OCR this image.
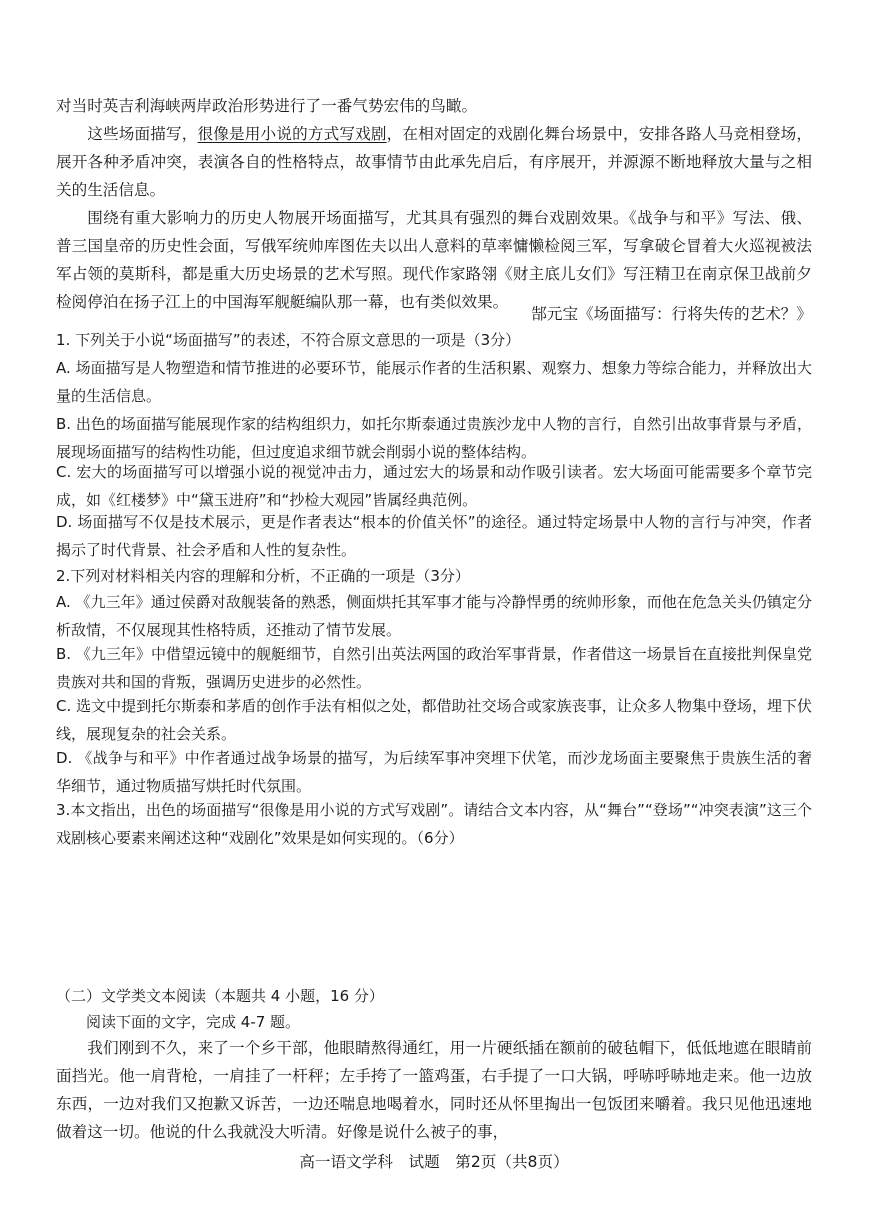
对当时英吉利海峡两岸政治形势进行了一番气势宏伟的鸟瞰。

这些场面描写，很像是用小说的方式写戏剧，在相对固定的戏剧化舞台场景中，安排各路人马竞相登场，展开各种矛盾冲突，表演各自的性格特点，故事情节由此承先启后，有序展开，并源源不断地释放大量与之相关的生活信息。

围绕有重大影响力的历史人物展开场面描写，尤其具有强烈的舞台戏剧效果。《战争与和平》写法、俄、普三国皇帝的历史性会面，写俄军统帅库图佐夫以出人意料的草率慵懒检阅三军，写拿破仑冒着大火巡视被法军占领的莫斯科，都是重大历史场景的艺术写照。现代作家路翎《财主底儿女们》写汪精卫在南京保卫战前夕检阅停泊在扬子江上的中国海军舰艇编队那一幕，也有类似效果。

郜元宝《场面描写：行将失传的艺术？》

1. 下列关于小说“场面描写”的表述，不符合原文意思的一项是（3分）

A. 场面描写是人物塑造和情节推进的必要环节，能展示作者的生活积累、观察力、想象力等综合能力，并释放出大量的生活信息。

B. 出色的场面描写能展现作家的结构组织力，如托尔斯泰通过贵族沙龙中人物的言行，自然引出故事背景与矛盾，展现场面描写的结构性功能，但过度追求细节就会削弱小说的整体结构。

C. 宏大的场面描写可以增强小说的视觉冲击力，通过宏大的场景和动作吸引读者。宏大场面可能需要多个章节完成，如《红楼梦》中“黛玉进府”和“抄检大观园”皆属经典范例。

D. 场面描写不仅是技术展示，更是作者表达“根本的价值关怀”的途径。通过特定场景中人物的言行与冲突，作者揭示了时代背景、社会矛盾和人性的复杂性。

2.下列对材料相关内容的理解和分析，不正确的一项是（3分）

A. 《九三年》通过侯爵对敌舰装备的熟悉，侧面烘托其军事才能与冷静悍勇的统帅形象，而他在危急关头仍镇定分析敌情，不仅展现其性格特质，还推动了情节发展。

B. 《九三年》中借望远镜中的舰艇细节，自然引出英法两国的政治军事背景，作者借这一场景旨在直接批判保皇党贵族对共和国的背叛，强调历史进步的必然性。

C. 选文中提到托尔斯泰和茅盾的创作手法有相似之处，都借助社交场合或家族丧事，让众多人物集中登场，埋下伏线，展现复杂的社会关系。

D. 《战争与和平》中作者通过战争场景的描写，为后续军事冲突埋下伏笔，而沙龙场面主要聚焦于贵族生活的奢华细节，通过物质描写烘托时代氛围。

3.本文指出，出色的场面描写“很像是用小说的方式写戏剧”。请结合文本内容，从“舞台”“登场”“冲突表演”这三个戏剧核心要素来阐述这种“戏剧化”效果是如何实现的。（6分）

（二）文学类文本阅读（本题共 4 小题，16 分）

阅读下面的文字，完成 4-7 题。

我们刚到不久，来了一个乡干部，他眼睛熬得通红，用一片硬纸插在额前的破毡帽下，低低地遮在眼睛前面挡光。他一肩背枪，一肩挂了一杆秤；左手挎了一篮鸡蛋，右手提了一口大锅，呼哧呼哧地走来。他一边放东西，一边对我们又抱歉又诉苦，一边还喘息地喝着水，同时还从怀里掏出一包饭团来嚼着。我只见他迅速地做着这一切。他说的什么我就没大听清。好像是说什么被子的事，

高一语文学科　试题　第2页（共8页）
